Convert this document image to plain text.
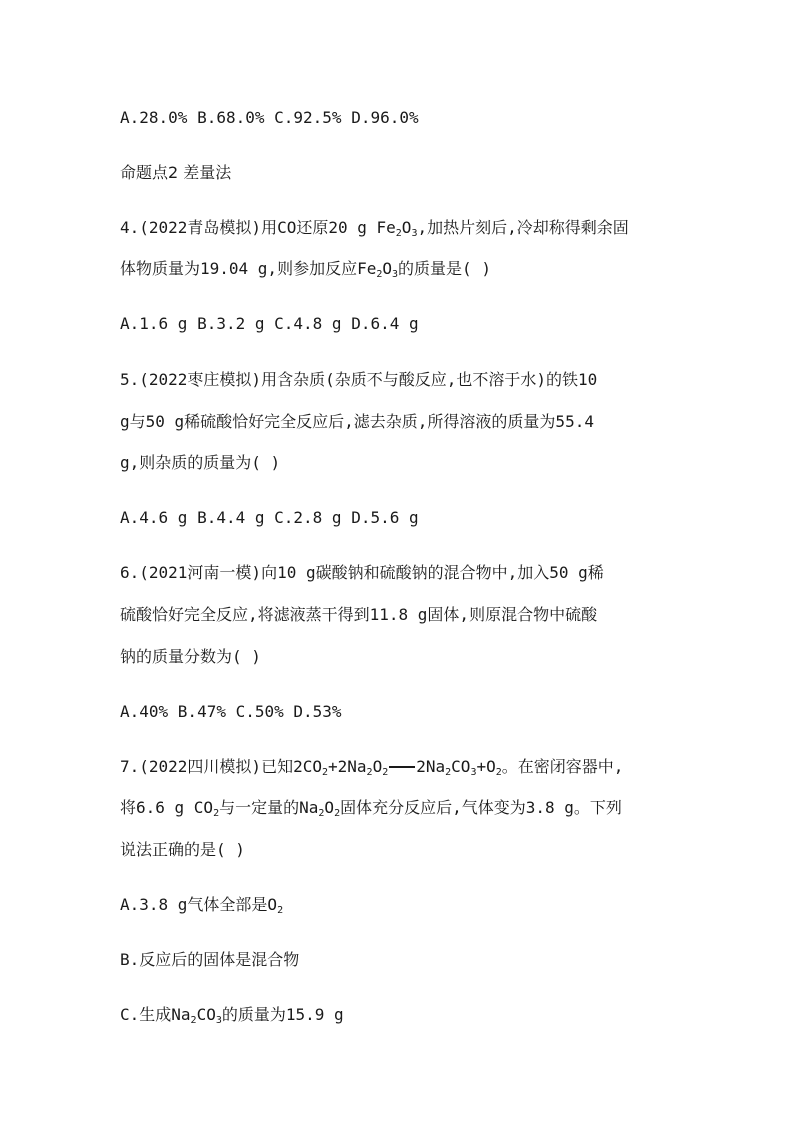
A.28.0% B.68.0% C.92.5% D.96.0%
命题点2 差量法
4.(2022青岛模拟)用CO还原20 g $Fe_2O_3$,加热片刻后,冷却称得剩余固
体物质量为19.04 g,则参加反应$Fe_2O_3$的质量是( )
A.1.6 g B.3.2 g C.4.8 g D.6.4 g
5.(2022枣庄模拟)用含杂质(杂质不与酸反应,也不溶于水)的铁10
g与50 g稀硫酸恰好完全反应后,滤去杂质,所得溶液的质量为55.4
g,则杂质的质量为( )
A.4.6 g B.4.4 g C.2.8 g D.5.6 g
6.(2021河南一模)向10 g碳酸钠和硫酸钠的混合物中,加入50 g稀
硫酸恰好完全反应,将滤液蒸干得到11.8 g固体,则原混合物中硫酸
钠的质量分数为( )
A.40% B.47% C.50% D.53%
7.(2022四川模拟)已知$2CO_2+2Na_2O_2$ $2Na_2CO_3+O_2$。在密闭容器中,
将6.6 g $CO_2$与一定量的$Na_2O_2$固体充分反应后,气体变为3.8 g。下列
说法正确的是( )
A.3.8 g气体全部是$O_2$
B.反应后的固体是混合物
C.生成$Na_2CO_3$的质量为15.9 g
